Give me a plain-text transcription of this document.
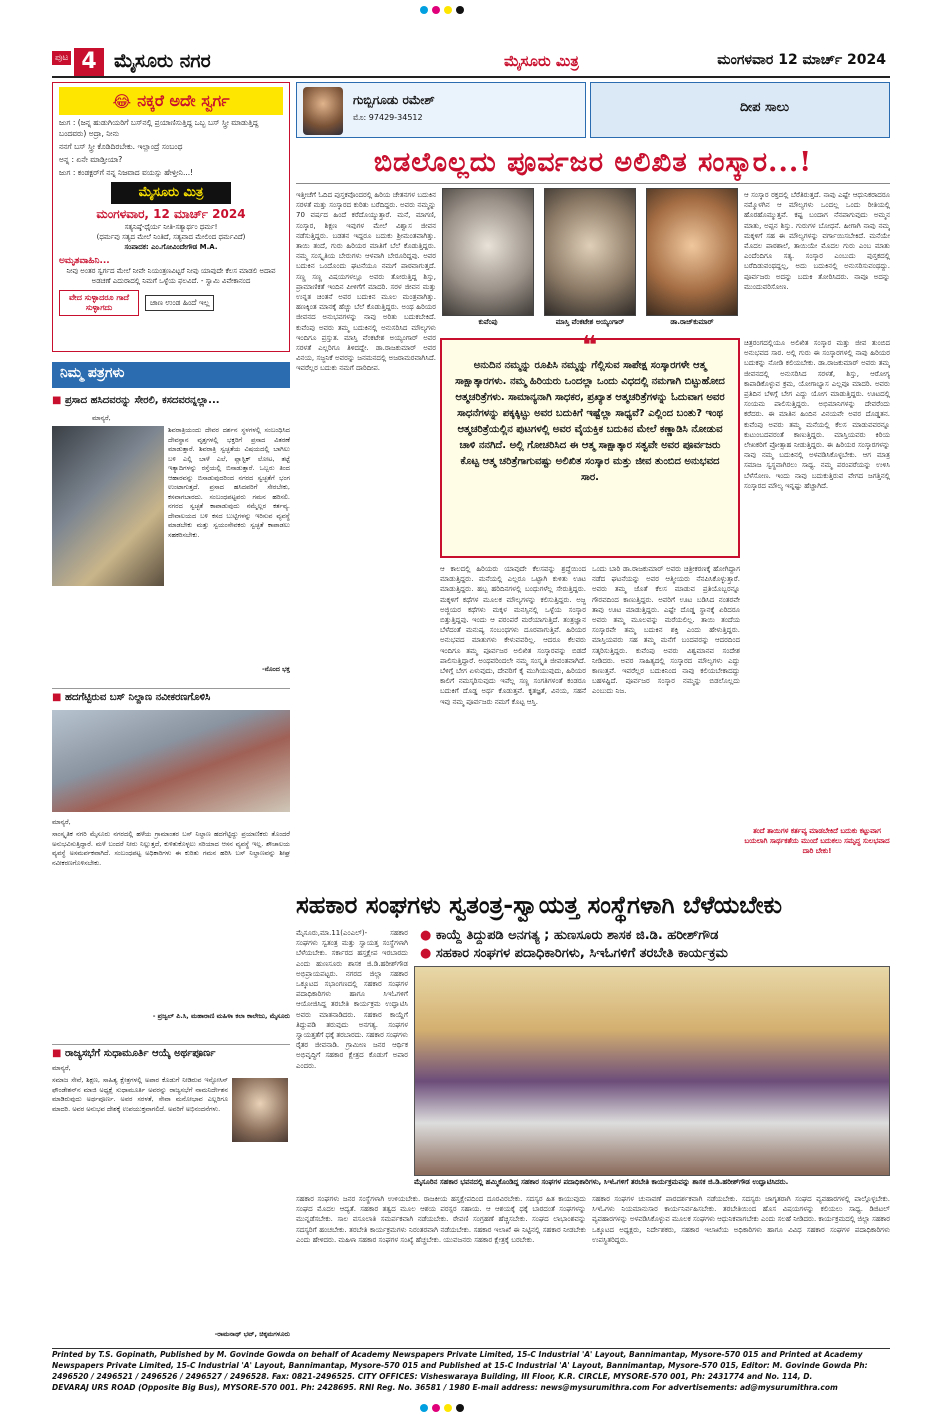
ಪುಟ 4 ಮೈಸೂರು ನಗರ	ಮೈಸೂರು ಮಿತ್ರ	ಮಂಗಳವಾರ 12 ಮಾರ್ಚ್ 2024
😂 ನಕ್ಕರೆ ಅದೇ ಸ್ವರ್ಗ
ಜುಗ : (ಜನ್ನ ಹುಡುಗಿಯರಿಗೆ ಬಸ್‌ನಲ್ಲಿ ಪ್ರಯಾಣಿಸುತ್ತಿದ್ದ ಒಬ್ಬ ಬಸ್ ಸ್ತ್ರೀ ಮಾಡುತ್ತಿದ್ದ ಬಂದವರು) ಅದ್ರಾ, ನೀನು
ನನಗೆ ಬಸ್ ಸ್ತ್ರೀ ಕೊಡಿದಿರಬೇಕು. ಇಲ್ಲಾಂದ್ರೆ ಸಂಬಂಧ
ಅನ್ನ : ಏನೇ ಮಾಡ್ತೀಯಾ?
ಜುಗ : ಕಂಡಕ್ಟರ್‌ಗೆ ನನ್ನ ನಿಜವಾದ ವಯಸ್ಸು ಹೇಳ್ತೀನಿ...!
ಮೈಸೂರು ಮಿತ್ರ
ಮಂಗಳವಾರ, 12 ಮಾರ್ಚ್ 2024
ಸತ್ಯನಿಷ್ಠೆ-ಧೈರ್ಯ ನೀತಿ-ಸತ್ಯಾರ್ಥಂ ಧರ್ಮ!
(ಧರ್ಮವು ಸತ್ಯದ ಮೇಲೆ ನಿಂತಿದೆ, ಸತ್ಯವಾದ ಮೇಲಿಂದ ಧರ್ಮವಿದೆ)
ಸಂಪಾದಕ: ಎಂ.ಗೋವಿಂದೇಗೌಡ M.A.
ಅಮೃತವಾಹಿನಿ...
ನೀವು ಅಂತರ ಸ್ವರ್ಗದ ಮೇಲೆ ನೀವೇ ನಿಯಂತ್ರಣವಿಟ್ಟರೆ ನೀವು ಯಾವುದೇ ಕೆಲಸ ಮಾಡಲಿ ಅದಾವ ಅಡಚಣೆ ಎದುರಾದಲ್ಲಿ ನಿಮಗೆ ಒಳ್ಳೆಯ ಫಲವಿದೆ. - ಸ್ವಾಮಿ ವಿವೇಕಾನಂದ
ವೇದ ಸುಳ್ಳಾದರೂ ಗಾದೆ ಸುಳ್ಳಾಗದು
ಜಾಣ ಉಂಡ ಹಿಂದೆ ಇಲ್ಲ
ನಿಮ್ಮ ಪತ್ರಗಳು
■ ಪ್ರಸಾದ ಹಸಿದವರನ್ನು ಸೇರಲಿ, ಕಸದವರನ್ನಲ್ಲಾ...
ಮಾನ್ಯರೆ,
ಶಿವರಾತ್ರಿಯಂದು ದೇವರ ದರ್ಶನ ಸ್ಥಳಗಳಲ್ಲಿ ಸಂಬಂಧಿಸಿದ ದೇವಸ್ಥಾನ ವೃತ್ತಗಳಲ್ಲಿ ಭಕ್ತರಿಗೆ ಪ್ರಸಾದ ವಿತರಣೆ ಮಾಡುತ್ತಾರೆ. ಶಿವರಾತ್ರಿ ಸ್ವಚ್ಛತೆಯ ವಿಷಯದಲ್ಲಿ ಬಾಗಿಲು ಬಳಿ ಎಲ್ಲಿ ಬಾಳೆ ಎಲೆ, ಪ್ಲಾಸ್ಟಿಕ್ ಲೋಟ, ತಟ್ಟೆ ಇತ್ಯಾದಿಗಳನ್ನು ರಸ್ತೆಯಲ್ಲಿ ಬಿಸಾಡುತ್ತಾರೆ. ಒಬ್ಬರು ತಿಂದ ಆಹಾರವನ್ನು ಬಿಸಾಡುವುದರಿಂದ ನಗರದ ಸ್ವಚ್ಛತೆಗೆ ಭಂಗ ಉಂಟಾಗುತ್ತದೆ. ಪ್ರಸಾದ ಹಸಿದವರಿಗೆ ಸೇರಬೇಕು, ಕಸವಾಗಬಾರದು. ಸಂಬಂಧಪಟ್ಟವರು ಗಮನ ಹರಿಸಲಿ. ನಗರದ ಸ್ವಚ್ಛತೆ ಕಾಪಾಡುವುದು ನಮ್ಮೆಲ್ಲರ ಕರ್ತವ್ಯ. ದೇವಾಲಯದ ಬಳಿ ಕಸದ ಬುಟ್ಟಿಗಳನ್ನು ಇರಿಸುವ ವ್ಯವಸ್ಥೆ ಮಾಡಬೇಕು ಮತ್ತು ಸ್ವಯಂಸೇವಕರು ಸ್ವಚ್ಛತೆ ಕಾಪಾಡಲು ಸಹಕರಿಸಬೇಕು.
-ನೊಂದ ಭಕ್ತ
■ ಹದಗೆಟ್ಟಿರುವ ಬಸ್ ನಿಲ್ದಾಣ ನವೀಕರಣಗೊಳಿಸಿ
ಮಾನ್ಯರೆ,
ಸಾಂಸ್ಕೃತಿಕ ನಗರಿ ಮೈಸೂರು ನಗರದಲ್ಲಿ ಹಳೆಯ ಗ್ರಾಮಾಂತರ ಬಸ್ ನಿಲ್ದಾಣ ಹದಗೆಟ್ಟಿದ್ದು ಪ್ರಯಾಣಿಕರು ತೊಂದರೆ ಅನುಭವಿಸುತ್ತಿದ್ದಾರೆ. ಮಳೆ ಬಂದರೆ ನೀರು ನಿಲ್ಲುತ್ತದೆ, ಕುಳಿತುಕೊಳ್ಳಲು ಸರಿಯಾದ ಆಸನ ವ್ಯವಸ್ಥೆ ಇಲ್ಲ. ಶೌಚಾಲಯ ವ್ಯವಸ್ಥೆ ಅಸಮರ್ಪಕವಾಗಿದೆ. ಸಂಬಂಧಪಟ್ಟ ಅಧಿಕಾರಿಗಳು ಈ ಕುರಿತು ಗಮನ ಹರಿಸಿ ಬಸ್ ನಿಲ್ದಾಣವನ್ನು ಶೀಘ್ರ ನವೀಕರಣಗೊಳಿಸಬೇಕು.
- ಪ್ರಜ್ವಲ್ ಪಿ.ಸಿ, ಮಹಾರಾಣಿ ಮಹಿಳಾ ಕಲಾ ಕಾಲೇಜು, ಮೈಸೂರು
■ ರಾಜ್ಯಸಭೆಗೆ ಸುಧಾಮೂರ್ತಿ ಆಯ್ಕೆ ಅರ್ಥಪೂರ್ಣ
ಮಾನ್ಯರೆ,
ಸಮಾಜ ಸೇವೆ, ಶಿಕ್ಷಣ, ಸಾಹಿತ್ಯ ಕ್ಷೇತ್ರಗಳಲ್ಲಿ ಅಪಾರ ಕೊಡುಗೆ ನೀಡಿರುವ ಇನ್ಫೋಸಿಸ್ ಫೌಂಡೇಶನ್‌ನ ಮಾಜಿ ಅಧ್ಯಕ್ಷೆ ಸುಧಾಮೂರ್ತಿ ಅವರನ್ನು ರಾಜ್ಯಸಭೆಗೆ ನಾಮನಿರ್ದೇಶನ ಮಾಡಿರುವುದು ಅರ್ಥಪೂರ್ಣ. ಅವರ ಸರಳತೆ, ಸೇವಾ ಮನೋಭಾವ ಎಲ್ಲರಿಗೂ ಮಾದರಿ. ಅವರ ಅನುಭವ ದೇಶಕ್ಕೆ ಉಪಯುಕ್ತವಾಗಲಿದೆ. ಅವರಿಗೆ ಅಭಿನಂದನೆಗಳು.
-ರಾಮನಾಥ್ ಭಟ್, ಚಿಕ್ಕಮಗಳೂರು
ಗುಬ್ಬಿಗೂಡು ರಮೇಶ್
ಮೊ: 97429-34512
ದೀಪ ಸಾಲು
ಬಿಡಲೊಲ್ಲದು ಪೂರ್ವಜರ ಅಲಿಖಿತ ಸಂಸ್ಕಾರ...!
ಇತ್ತೀಚೆಗೆ ಓದಿದ ಪುಸ್ತಕವೊಂದರಲ್ಲಿ ಹಿರಿಯ ಚೇತನಗಳ ಬದುಕಿನ ಸರಳತೆ ಮತ್ತು ಸಂಸ್ಕಾರದ ಕುರಿತು ಬರೆದಿದ್ದರು. ಅವರು ನಮ್ಮನ್ನು 70 ವರ್ಷದ ಹಿಂದೆ ಕರೆದೊಯ್ಯುತ್ತಾರೆ. ಮನೆ, ಮಾಗಣಿ, ಸಂಸ್ಕಾರ, ಶಿಕ್ಷಣ ಇವುಗಳ ಮೇಲೆ ವಿಶ್ವಾಸ ಜೀವನ ನಡೆಸುತ್ತಿದ್ದರು. ಬಡತನ ಇದ್ದರೂ ಬದುಕು ಶ್ರೀಮಂತವಾಗಿತ್ತು. ತಾಯಿ ತಂದೆ, ಗುರು ಹಿರಿಯರ ಮಾತಿಗೆ ಬೆಲೆ ಕೊಡುತ್ತಿದ್ದರು. ನಮ್ಮ ಸಂಸ್ಕೃತಿಯ ಬೇರುಗಳು ಆಳವಾಗಿ ಬೇರೂರಿದ್ದವು. ಅವರ ಬದುಕಿನ ಒಂದೊಂದು ಘಟನೆಯೂ ನಮಗೆ ಪಾಠವಾಗುತ್ತದೆ. ಸಣ್ಣ ಸಣ್ಣ ವಿಷಯಗಳಲ್ಲೂ ಅವರು ತೋರುತ್ತಿದ್ದ ಶಿಸ್ತು, ಪ್ರಾಮಾಣಿಕತೆ ಇಂದಿನ ಪೀಳಿಗೆಗೆ ಮಾದರಿ. ಸರಳ ಜೀವನ ಮತ್ತು ಉನ್ನತ ಚಿಂತನೆ ಅವರ ಬದುಕಿನ ಮೂಲ ಮಂತ್ರವಾಗಿತ್ತು. ಹಣಕ್ಕಿಂತ ಮಾನಕ್ಕೆ ಹೆಚ್ಚು ಬೆಲೆ ಕೊಡುತ್ತಿದ್ದರು. ಅಂಥ ಹಿರಿಯರ ಜೀವನದ ಅನುಭವಗಳನ್ನು ನಾವು ಅರಿತು ಬದುಕಬೇಕಿದೆ. ಕುವೆಂಪು ಅವರು ತಮ್ಮ ಬದುಕಿನಲ್ಲಿ ಅನುಸರಿಸಿದ ಮೌಲ್ಯಗಳು ಇಂದಿಗೂ ಪ್ರಸ್ತುತ. ಮಾಸ್ತಿ ವೆಂಕಟೇಶ ಅಯ್ಯಂಗಾರ್ ಅವರ ಸರಳತೆ ಎಲ್ಲರಿಗೂ ತಿಳಿದದ್ದೇ. ಡಾ.ರಾಜಕುಮಾರ್ ಅವರ ವಿನಯ, ಸಜ್ಜನಿಕೆ ಅವರನ್ನು ಜನಮನದಲ್ಲಿ ಅಜರಾಮರವಾಗಿಸಿದೆ. ಇವರೆಲ್ಲರ ಬದುಕು ನಮಗೆ ದಾರಿದೀಪ.
ಕುವೆಂಪು	ಮಾಸ್ತಿ ವೆಂಕಟೇಶ ಅಯ್ಯಂಗಾರ್	ಡಾ.ರಾಜ್‌ಕುಮಾರ್
❝
ಅನುದಿನ ನಮ್ಮನ್ನು ರೂಪಿಸಿ ನಮ್ಮನ್ನು ಗೆಲ್ಲಿಸುವ ಸಾಪೇಕ್ಷ ಸಂಸ್ಕಾರಗಳೇ ಆತ್ಮ ಸಾಕ್ಷಾತ್ಕಾರಗಳು. ನಮ್ಮ ಹಿರಿಯರು ಒಂದಲ್ಲಾ ಒಂದು ವಿಧದಲ್ಲಿ ನಮಗಾಗಿ ಬಿಟ್ಟುಹೋದ ಆತ್ಮಚರಿತ್ರೆಗಳು. ಸಾಮಾನ್ಯನಾಗಿ ಸಾಧಕರ, ಪ್ರಖ್ಯಾತ ಆತ್ಮಚರಿತ್ರೆಗಳನ್ನು ಓದುವಾಗ ಅವರ ಸಾಧನೆಗಳನ್ನು ಪಕ್ಕಕ್ಕಿಟ್ಟು ಅವರ ಬದುಕಿಗೆ ಇಷ್ಟೆಲ್ಲಾ ಸಾಧ್ಯವೆ? ಎಲ್ಲಿಂದ ಬಂತು? ಇಂಥ ಆತ್ಮಚರಿತ್ರೆಯಲ್ಲಿನ ಪುಟಗಳಲ್ಲಿ ಅವರ ವೈಯಕ್ತಿಕ ಬದುಕಿನ ಮೇಲೆ ಕಣ್ಣಾಡಿಸಿ ನೋಡುವ ಚಾಳಿ ನನಗಿದೆ. ಅಲ್ಲಿ ಗೋಚರಿಸಿದ ಈ ಆತ್ಮ ಸಾಕ್ಷಾತ್ಕಾರ ಸತ್ವವೇ ಅವರ ಪೂರ್ವಜರು ಕೊಟ್ಟ ಆತ್ಮ ಚರಿತ್ರೆಗಾಗುವಷ್ಟು ಅಲಿಖಿತ ಸಂಸ್ಕಾರ ಮತ್ತು ಜೀವ ತುಂಬಿದ ಅನುಭವದ ಸಾರ.
ಆ ಕಾಲದಲ್ಲಿ ಹಿರಿಯರು ಯಾವುದೇ ಕೆಲಸವನ್ನು ಶ್ರದ್ಧೆಯಿಂದ ಮಾಡುತ್ತಿದ್ದರು. ಮನೆಯಲ್ಲಿ ಎಲ್ಲರೂ ಒಟ್ಟಾಗಿ ಕುಳಿತು ಊಟ ಮಾಡುತ್ತಿದ್ದರು. ಹಬ್ಬ ಹರಿದಿನಗಳಲ್ಲಿ ಬಂಧುಗಳೆಲ್ಲ ಸೇರುತ್ತಿದ್ದರು. ಮಕ್ಕಳಿಗೆ ಕಥೆಗಳ ಮೂಲಕ ಮೌಲ್ಯಗಳನ್ನು ಕಲಿಸುತ್ತಿದ್ದರು. ಅಜ್ಜ ಅಜ್ಜಿಯರ ಕಥೆಗಳು ಮಕ್ಕಳ ಮನಸ್ಸಿನಲ್ಲಿ ಒಳ್ಳೆಯ ಸಂಸ್ಕಾರ ಬಿತ್ತುತ್ತಿದ್ದವು. ಇಂದು ಆ ಪರಂಪರೆ ಮರೆಯಾಗುತ್ತಿದೆ. ತಂತ್ರಜ್ಞಾನ ಬೆಳೆದಂತೆ ಮನುಷ್ಯ ಸಂಬಂಧಗಳು ದೂರವಾಗುತ್ತಿವೆ. ಹಿರಿಯರ ಅನುಭವದ ಮಾತುಗಳು ಕೇಳುವವರಿಲ್ಲ. ಆದರೂ ಕೆಲವರು ಇಂದಿಗೂ ತಮ್ಮ ಪೂರ್ವಜರ ಅಲಿಖಿತ ಸಂಸ್ಕಾರವನ್ನು ಬಿಡದೆ ಪಾಲಿಸುತ್ತಿದ್ದಾರೆ. ಅಂಥವರಿಂದಲೇ ನಮ್ಮ ಸಂಸ್ಕೃತಿ ಜೀವಂತವಾಗಿದೆ. ಬೆಳಿಗ್ಗೆ ಬೇಗ ಏಳುವುದು, ದೇವರಿಗೆ ಕೈ ಮುಗಿಯುವುದು, ಹಿರಿಯರ ಕಾಲಿಗೆ ನಮಸ್ಕರಿಸುವುದು ಇವೆಲ್ಲ ಸಣ್ಣ ಸಂಗತಿಗಳಂತೆ ಕಂಡರೂ ಬದುಕಿಗೆ ದೊಡ್ಡ ಅರ್ಥ ಕೊಡುತ್ತವೆ. ಕೃತಜ್ಞತೆ, ವಿನಯ, ಸಹನೆ ಇವು ನಮ್ಮ ಪೂರ್ವಜರು ನಮಗೆ ಕೊಟ್ಟ ಆಸ್ತಿ.
ಒಂದು ಬಾರಿ ಡಾ.ರಾಜಕುಮಾರ್ ಅವರು ಚಿತ್ರೀಕರಣಕ್ಕೆ ಹೋಗಿದ್ದಾಗ ನಡೆದ ಘಟನೆಯನ್ನು ಅವರ ಆತ್ಮೀಯರು ನೆನಪಿಸಿಕೊಳ್ಳುತ್ತಾರೆ. ಅವರು ತಮ್ಮ ಜೊತೆ ಕೆಲಸ ಮಾಡುವ ಪ್ರತಿಯೊಬ್ಬರನ್ನೂ ಗೌರವದಿಂದ ಕಾಣುತ್ತಿದ್ದರು. ಅವರಿಗೆ ಊಟ ಬಡಿಸಿದ ನಂತರವೇ ತಾವು ಊಟ ಮಾಡುತ್ತಿದ್ದರು. ಎಷ್ಟೇ ದೊಡ್ಡ ಸ್ಥಾನಕ್ಕೆ ಏರಿದರೂ ಅವರು ತಮ್ಮ ಮೂಲವನ್ನು ಮರೆಯಲಿಲ್ಲ. ತಾಯಿ ತಂದೆಯ ಸಂಸ್ಕಾರವೇ ತಮ್ಮ ಬದುಕಿನ ಶಕ್ತಿ ಎಂದು ಹೇಳುತ್ತಿದ್ದರು. ಮಾಸ್ತಿಯವರು ಸಹ ತಮ್ಮ ಮನೆಗೆ ಬಂದವರನ್ನು ಆದರದಿಂದ ಸತ್ಕರಿಸುತ್ತಿದ್ದರು. ಕುವೆಂಪು ಅವರು ವಿಶ್ವಮಾನವ ಸಂದೇಶ ನೀಡಿದರು. ಅವರ ಸಾಹಿತ್ಯದಲ್ಲಿ ಸಂಸ್ಕಾರದ ಮೌಲ್ಯಗಳು ಎದ್ದು ಕಾಣುತ್ತವೆ. ಇವರೆಲ್ಲರ ಬದುಕಿನಿಂದ ನಾವು ಕಲಿಯಬೇಕಾದದ್ದು ಬಹಳಷ್ಟಿದೆ. ಪೂರ್ವಜರ ಸಂಸ್ಕಾರ ನಮ್ಮನ್ನು ಬಿಡಲೊಲ್ಲದು ಎಂಬುದು ನಿಜ.
ಆ ಸಂಸ್ಕಾರ ರಕ್ತದಲ್ಲಿ ಬೆರೆತಿರುತ್ತದೆ. ನಾವು ಎಷ್ಟೇ ಆಧುನಿಕರಾದರೂ ನಮ್ಮೊಳಗಿನ ಆ ಮೌಲ್ಯಗಳು ಒಂದಲ್ಲ ಒಂದು ರೀತಿಯಲ್ಲಿ ಹೊರಹೊಮ್ಮುತ್ತವೆ. ಕಷ್ಟ ಬಂದಾಗ ನೆನಪಾಗುವುದು ಅಮ್ಮನ ಮಾತು, ಅಪ್ಪನ ಶಿಸ್ತು. ಗುರುಗಳ ಬೋಧನೆ. ಹೀಗಾಗಿ ನಾವು ನಮ್ಮ ಮಕ್ಕಳಿಗೆ ಸಹ ಈ ಮೌಲ್ಯಗಳನ್ನು ವರ್ಗಾಯಿಸಬೇಕಿದೆ. ಮನೆಯೇ ಮೊದಲ ಪಾಠಶಾಲೆ, ತಾಯಿಯೇ ಮೊದಲ ಗುರು ಎಂಬ ಮಾತು ಎಂದೆಂದಿಗೂ ಸತ್ಯ. ಸಂಸ್ಕಾರ ಎಂಬುದು ಪುಸ್ತಕದಲ್ಲಿ ಬರೆದಿಡುವಂಥದ್ದಲ್ಲ, ಅದು ಬದುಕಿನಲ್ಲಿ ಅನುಸರಿಸುವಂಥದ್ದು. ಪೂರ್ವಜರು ಅದನ್ನು ಬದುಕಿ ತೋರಿಸಿದರು. ನಾವೂ ಅದನ್ನು ಮುಂದುವರಿಸೋಣ.
ಚಿತ್ರರಂಗದಲ್ಲಿಯೂ ಅಲಿಖಿತ ಸಂಸ್ಕಾರ ಮತ್ತು ಜೀವ ತುಂಬಿದ ಅನುಭವದ ಸಾರ. ಅಲ್ಲಿ ಗುರು ಈ ಸಂಸ್ಕಾರಗಳಲ್ಲಿ ನಾವು ಹಿರಿಯರ ಬದುಕನ್ನು ನೋಡಿ ಕಲಿಯಬೇಕು. ಡಾ.ರಾಜಕುಮಾರ್ ಅವರು ತಮ್ಮ ಜೀವನದಲ್ಲಿ ಅನುಸರಿಸಿದ ಸರಳತೆ, ಶಿಸ್ತು, ಆರೋಗ್ಯ ಕಾಪಾಡಿಕೊಳ್ಳುವ ಕ್ರಮ, ಯೋಗಾಭ್ಯಾಸ ಎಲ್ಲವೂ ಮಾದರಿ. ಅವರು ಪ್ರತಿದಿನ ಬೆಳಿಗ್ಗೆ ಬೇಗ ಎದ್ದು ಯೋಗ ಮಾಡುತ್ತಿದ್ದರು. ಊಟದಲ್ಲಿ ಸಂಯಮ ಪಾಲಿಸುತ್ತಿದ್ದರು. ಅಭಿಮಾನಿಗಳನ್ನು ದೇವರೆಂದು ಕರೆದರು. ಈ ಮಾತಿನ ಹಿಂದಿನ ವಿನಯವೇ ಅವರ ದೊಡ್ಡತನ. ಕುವೆಂಪು ಅವರು ತಮ್ಮ ಮನೆಯಲ್ಲಿ ಕೆಲಸ ಮಾಡುವವರನ್ನೂ ಕುಟುಂಬದವರಂತೆ ಕಾಣುತ್ತಿದ್ದರು. ಮಾಸ್ತಿಯವರು ಕಿರಿಯ ಲೇಖಕರಿಗೆ ಪ್ರೋತ್ಸಾಹ ನೀಡುತ್ತಿದ್ದರು. ಈ ಹಿರಿಯರ ಸಂಸ್ಕಾರಗಳನ್ನು ನಾವು ನಮ್ಮ ಬದುಕಿನಲ್ಲಿ ಅಳವಡಿಸಿಕೊಳ್ಳಬೇಕು. ಆಗ ಮಾತ್ರ ಸಮಾಜ ಸ್ವಸ್ಥವಾಗಿರಲು ಸಾಧ್ಯ. ನಮ್ಮ ಪರಂಪರೆಯನ್ನು ಉಳಿಸಿ ಬೆಳೆಸೋಣ. ಇಂದು ನಾವು ಬದುಕುತ್ತಿರುವ ವೇಗದ ಜಗತ್ತಿನಲ್ಲಿ ಸಂಸ್ಕಾರದ ಮೌಲ್ಯ ಇನ್ನಷ್ಟು ಹೆಚ್ಚಾಗಿದೆ.
ತಂದೆ ತಾಯಿಗಳ ಕರ್ತವ್ಯ ಮಾಡಬೇಕಿದೆ ಬದುಕು ಕಟ್ಟುವಾಗ ಬಯಲಾಗಿ ಸಾರ್ಥಕತೆಯ ಮುಂದೆ ಬದುಕಲು ಸಮೃದ್ಧ ಸುಲಭವಾದ ದಾರಿ ಬೇಕು!
ಸಹಕಾರ ಸಂಘಗಳು ಸ್ವತಂತ್ರ-ಸ್ವಾಯತ್ತ ಸಂಸ್ಥೆಗಳಾಗಿ ಬೆಳೆಯಬೇಕು
● ಕಾಯ್ದೆ ತಿದ್ದುಪಡಿ ಅನಗತ್ಯ ; ಹುಣಸೂರು ಶಾಸಕ ಜಿ.ಡಿ. ಹರೀಶ್‌ಗೌಡ
● ಸಹಕಾರ ಸಂಘಗಳ ಪದಾಧಿಕಾರಿಗಳು, ಸಿಇಓಗಳಿಗೆ ತರಬೇತಿ ಕಾರ್ಯಕ್ರಮ
ಮೈಸೂರು,ಮಾ.11(ಎಂಎಲ್)- ಸಹಕಾರ ಸಂಘಗಳು ಸ್ವತಂತ್ರ ಮತ್ತು ಸ್ವಾಯತ್ತ ಸಂಸ್ಥೆಗಳಾಗಿ ಬೆಳೆಯಬೇಕು. ಸರ್ಕಾರದ ಹಸ್ತಕ್ಷೇಪ ಇರಬಾರದು ಎಂದು ಹುಣಸೂರು ಶಾಸಕ ಜಿ.ಡಿ.ಹರೀಶ್‌ಗೌಡ ಅಭಿಪ್ರಾಯಪಟ್ಟರು. ನಗರದ ಜಿಲ್ಲಾ ಸಹಕಾರ ಒಕ್ಕೂಟದ ಸಭಾಂಗಣದಲ್ಲಿ ಸಹಕಾರ ಸಂಘಗಳ ಪದಾಧಿಕಾರಿಗಳು ಹಾಗೂ ಸಿಇಓಗಳಿಗೆ ಆಯೋಜಿಸಿದ್ದ ತರಬೇತಿ ಕಾರ್ಯಕ್ರಮ ಉದ್ಘಾಟಿಸಿ ಅವರು ಮಾತನಾಡಿದರು. ಸಹಕಾರ ಕಾಯ್ದೆಗೆ ತಿದ್ದುಪಡಿ ತರುವುದು ಅನಗತ್ಯ. ಸಂಘಗಳ ಸ್ವಾಯತ್ತತೆಗೆ ಧಕ್ಕೆ ತರಬಾರದು. ಸಹಕಾರ ಸಂಘಗಳು ರೈತರ ಜೀವನಾಡಿ. ಗ್ರಾಮೀಣ ಜನರ ಆರ್ಥಿಕ ಅಭಿವೃದ್ಧಿಗೆ ಸಹಕಾರ ಕ್ಷೇತ್ರದ ಕೊಡುಗೆ ಅಪಾರ ಎಂದರು.
ಮೈಸೂರಿನ ಸಹಕಾರ ಭವನದಲ್ಲಿ ಹಮ್ಮಿಕೊಂಡಿದ್ದ ಸಹಕಾರ ಸಂಘಗಳ ಪದಾಧಿಕಾರಿಗಳು, ಸಿಇಓಗಳಿಗೆ ತರಬೇತಿ ಕಾರ್ಯಕ್ರಮವನ್ನು ಶಾಸಕ ಜಿ.ಡಿ.ಹರೀಶ್‌ಗೌಡ ಉದ್ಘಾಟಿಸಿದರು.
ಸಹಕಾರ ಸಂಘಗಳು ಜನರ ಸಂಸ್ಥೆಗಳಾಗಿ ಉಳಿಯಬೇಕು. ರಾಜಕೀಯ ಹಸ್ತಕ್ಷೇಪದಿಂದ ದೂರವಿರಬೇಕು. ಸದಸ್ಯರ ಹಿತ ಕಾಯುವುದು ಸಂಘದ ಮೊದಲ ಆದ್ಯತೆ. ಸಹಕಾರ ತತ್ವದ ಮೂಲ ಆಶಯ ಪರಸ್ಪರ ಸಹಾಯ. ಆ ಆಶಯಕ್ಕೆ ಧಕ್ಕೆ ಬಾರದಂತೆ ಸಂಘಗಳನ್ನು ಮುನ್ನಡೆಸಬೇಕು. ಸಾಲ ವಸೂಲಾತಿ ಸಮರ್ಪಕವಾಗಿ ನಡೆಯಬೇಕು. ಠೇವಣಿ ಸಂಗ್ರಹಣೆ ಹೆಚ್ಚಿಸಬೇಕು. ಸಂಘದ ಲಾಭಾಂಶವನ್ನು ಸದಸ್ಯರಿಗೆ ಹಂಚಬೇಕು. ತರಬೇತಿ ಕಾರ್ಯಕ್ರಮಗಳು ನಿರಂತರವಾಗಿ ನಡೆಯಬೇಕು. ಸಹಕಾರ ಇಲಾಖೆ ಈ ನಿಟ್ಟಿನಲ್ಲಿ ಸಹಕಾರ ನೀಡಬೇಕು ಎಂದು ಹೇಳಿದರು. ಮಹಿಳಾ ಸಹಕಾರ ಸಂಘಗಳ ಸಂಖ್ಯೆ ಹೆಚ್ಚಬೇಕು. ಯುವಜನರು ಸಹಕಾರ ಕ್ಷೇತ್ರಕ್ಕೆ ಬರಬೇಕು.
ಸಹಕಾರ ಸಂಘಗಳ ಚುನಾವಣೆ ಪಾರದರ್ಶಕವಾಗಿ ನಡೆಯಬೇಕು. ಸದಸ್ಯರು ಜಾಗೃತರಾಗಿ ಸಂಘದ ವ್ಯವಹಾರಗಳಲ್ಲಿ ಪಾಲ್ಗೊಳ್ಳಬೇಕು. ಸಿಇಓಗಳು ನಿಯಮಾನುಸಾರ ಕಾರ್ಯನಿರ್ವಹಿಸಬೇಕು. ತರಬೇತಿಯಿಂದ ಹೊಸ ವಿಷಯಗಳನ್ನು ಕಲಿಯಲು ಸಾಧ್ಯ. ಡಿಜಿಟಲ್ ವ್ಯವಹಾರಗಳನ್ನು ಅಳವಡಿಸಿಕೊಳ್ಳುವ ಮೂಲಕ ಸಂಘಗಳು ಆಧುನಿಕವಾಗಬೇಕು ಎಂದು ಸಲಹೆ ನೀಡಿದರು. ಕಾರ್ಯಕ್ರಮದಲ್ಲಿ ಜಿಲ್ಲಾ ಸಹಕಾರ ಒಕ್ಕೂಟದ ಅಧ್ಯಕ್ಷರು, ನಿರ್ದೇಶಕರು, ಸಹಕಾರ ಇಲಾಖೆಯ ಅಧಿಕಾರಿಗಳು ಹಾಗೂ ವಿವಿಧ ಸಹಕಾರ ಸಂಘಗಳ ಪದಾಧಿಕಾರಿಗಳು ಉಪಸ್ಥಿತರಿದ್ದರು.
Printed by T.S. Gopinath, Published by M. Govinde Gowda on behalf of Academy Newspapers Private Limited, 15-C Industrial 'A' Layout, Bannimantap, Mysore-570 015 and Printed at Academy
Newspapers Private Limited, 15-C Industrial 'A' Layout, Bannimantap, Mysore-570 015 and Published at 15-C Industrial 'A' Layout, Bannimantap, Mysore-570 015, Editor: M. Govinde Gowda Ph:
2496520 / 2496521 / 2496526 / 2496527 / 2496528. Fax: 0821-2496525. CITY OFFICES: Visheswaraya Building, III Floor, K.R. CIRCLE, MYSORE-570 001, Ph: 2431774 and No. 114, D.
DEVARAJ URS ROAD (Opposite Big Bus), MYSORE-570 001. Ph: 2428695. RNI Reg. No. 36581 / 1980 E-mail address: news@mysurumithra.com For advertisements: ad@mysurumithra.com
